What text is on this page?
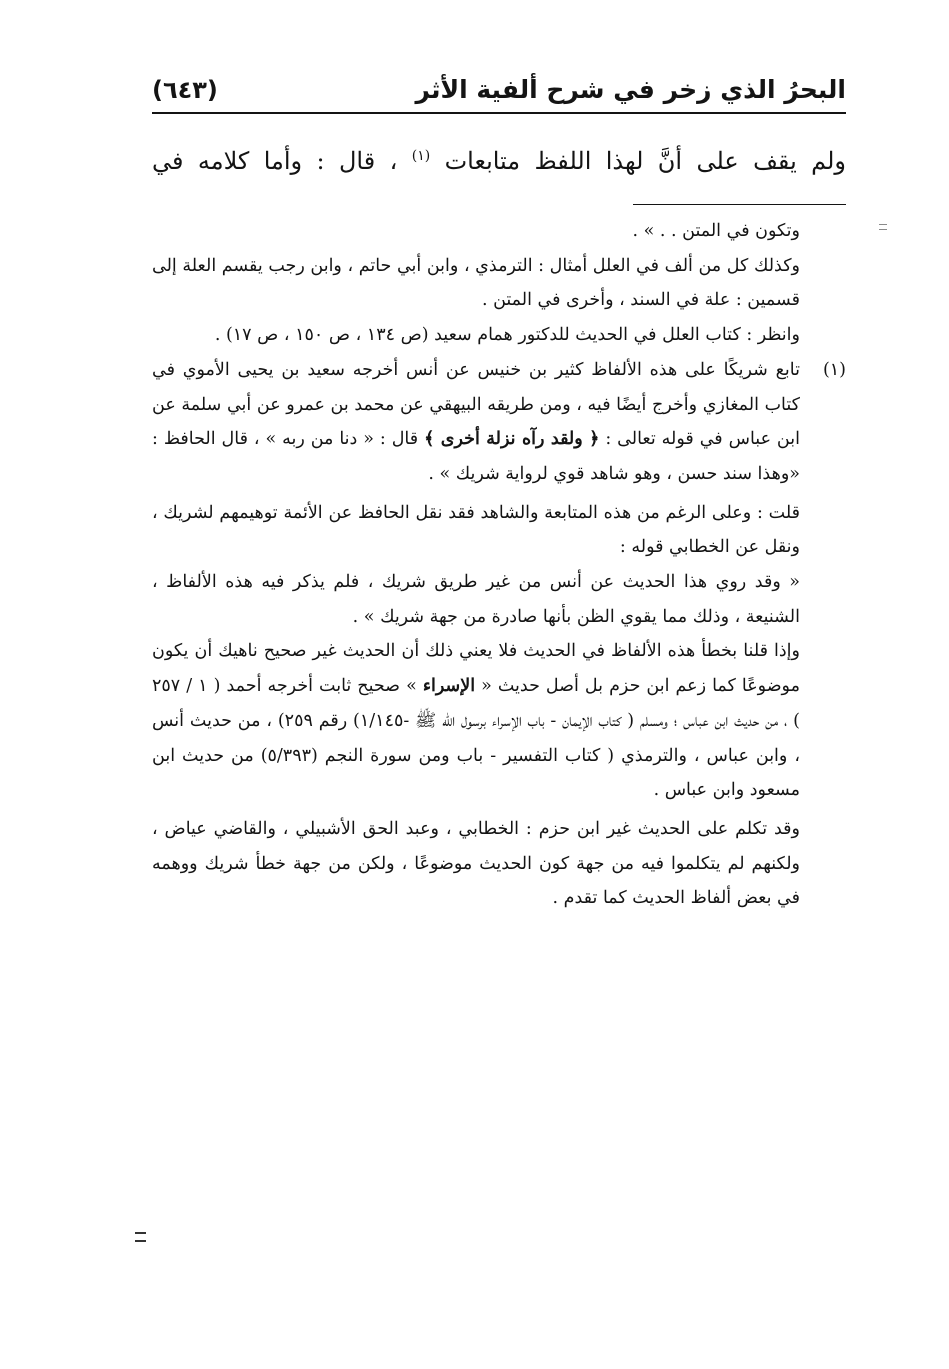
البحرُ الذي زخر في شرح ألفية الأثر
(٦٤٣)
ولم يقف على أنَّ لهذا اللفظ متابعات $^{(١)}$ ، قال : وأما كلامه في

وتكون في المتن . . » .

وكذلك كل من ألف في العلل أمثال : الترمذي ، وابن أبي حاتم ، وابن رجب يقسم العلة إلى قسمين : علة في السند ، وأخرى في المتن .

وانظر : كتاب العلل في الحديث للدكتور همام سعيد (ص ١٣٤ ، ص ١٥٠ ، ص ١٧) .

(١)
تابع شريكًا على هذه الألفاظ كثير بن خنيس عن أنس أخرجه سعيد بن يحيى الأموي في كتاب المغازي وأخرج أيضًا فيه ، ومن طريقه البيهقي عن محمد بن عمرو عن أبي سلمة عن ابن عباس في قوله تعالى : ﴿ ولقد رآه نزلة أخرى ﴾ قال : « دنا من ربه » ، قال الحافظ : «وهذا سند حسن ، وهو شاهد قوي لرواية شريك » .

قلت : وعلى الرغم من هذه المتابعة والشاهد فقد نقل الحافظ عن الأئمة توهيمهم لشريك ، ونقل عن الخطابي قوله :

« وقد روي هذا الحديث عن أنس من غير طريق شريك ، فلم يذكر فيه هذه الألفاظ ، الشنيعة ، وذلك مما يقوي الظن بأنها صادرة من جهة شريك » .

وإذا قلنا بخطأ هذه الألفاظ في الحديث فلا يعني ذلك أن الحديث غير صحيح ناهيك أن يكون موضوعًا كما زعم ابن حزم بل أصل حديث « الإسراء » صحيح ثابت أخرجه أحمد ( ١ / ٢٥٧ ) ، من حديث ابن عباس ؛ ومسلم ( كتاب الإيمان - باب الإسراء برسول الله ﷺ -١/١٤٥) رقم ٢٥٩) ، من حديث أنس ، وابن عباس ، والترمذي ( كتاب التفسير - باب ومن سورة النجم (٥/٣٩٣) من حديث ابن مسعود وابن عباس .

وقد تكلم على الحديث غير ابن حزم : الخطابي ، وعبد الحق الأشبيلي ، والقاضي عياض ، ولكنهم لم يتكلموا فيه من جهة كون الحديث موضوعًا ، ولكن من جهة خطأ شريك ووهمه في بعض ألفاظ الحديث كما تقدم .
